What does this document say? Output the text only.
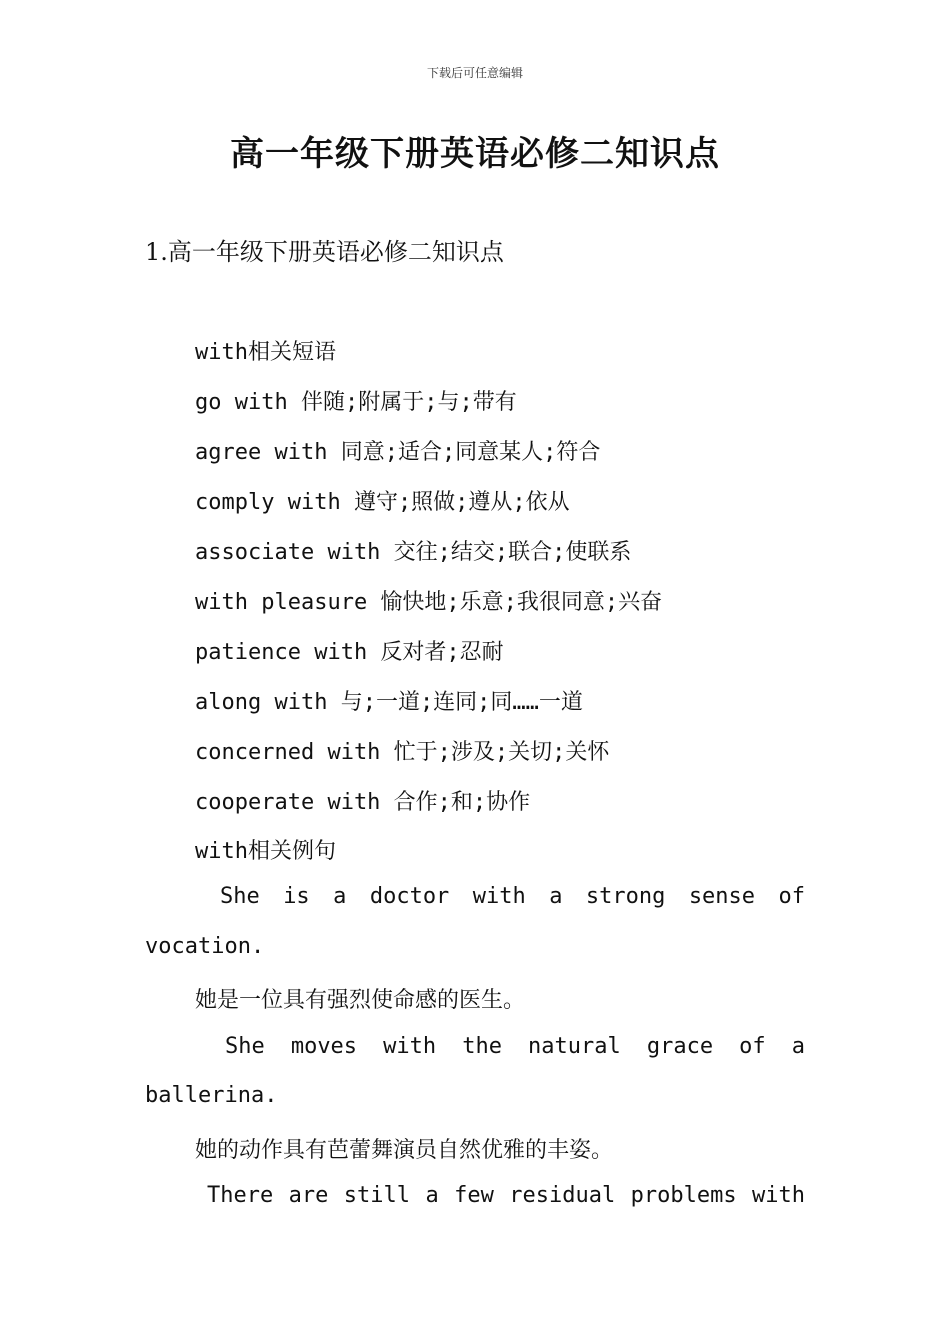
下载后可任意编辑
高一年级下册英语必修二知识点
1.高一年级下册英语必修二知识点
with相关短语
go with 伴随;附属于;与;带有
agree with 同意;适合;同意某人;符合
comply with 遵守;照做;遵从;依从
associate with 交往;结交;联合;使联系
with pleasure 愉快地;乐意;我很同意;兴奋
patience with 反对者;忍耐
along with 与;一道;连同;同……一道
concerned with 忙于;涉及;关切;关怀
cooperate with 合作;和;协作
with相关例句
She is a doctor with a strong sense of
vocation.
她是一位具有强烈使命感的医生。
She moves with the natural grace of a
ballerina.
她的动作具有芭蕾舞演员自然优雅的丰姿。
There are still a few residual problems with
